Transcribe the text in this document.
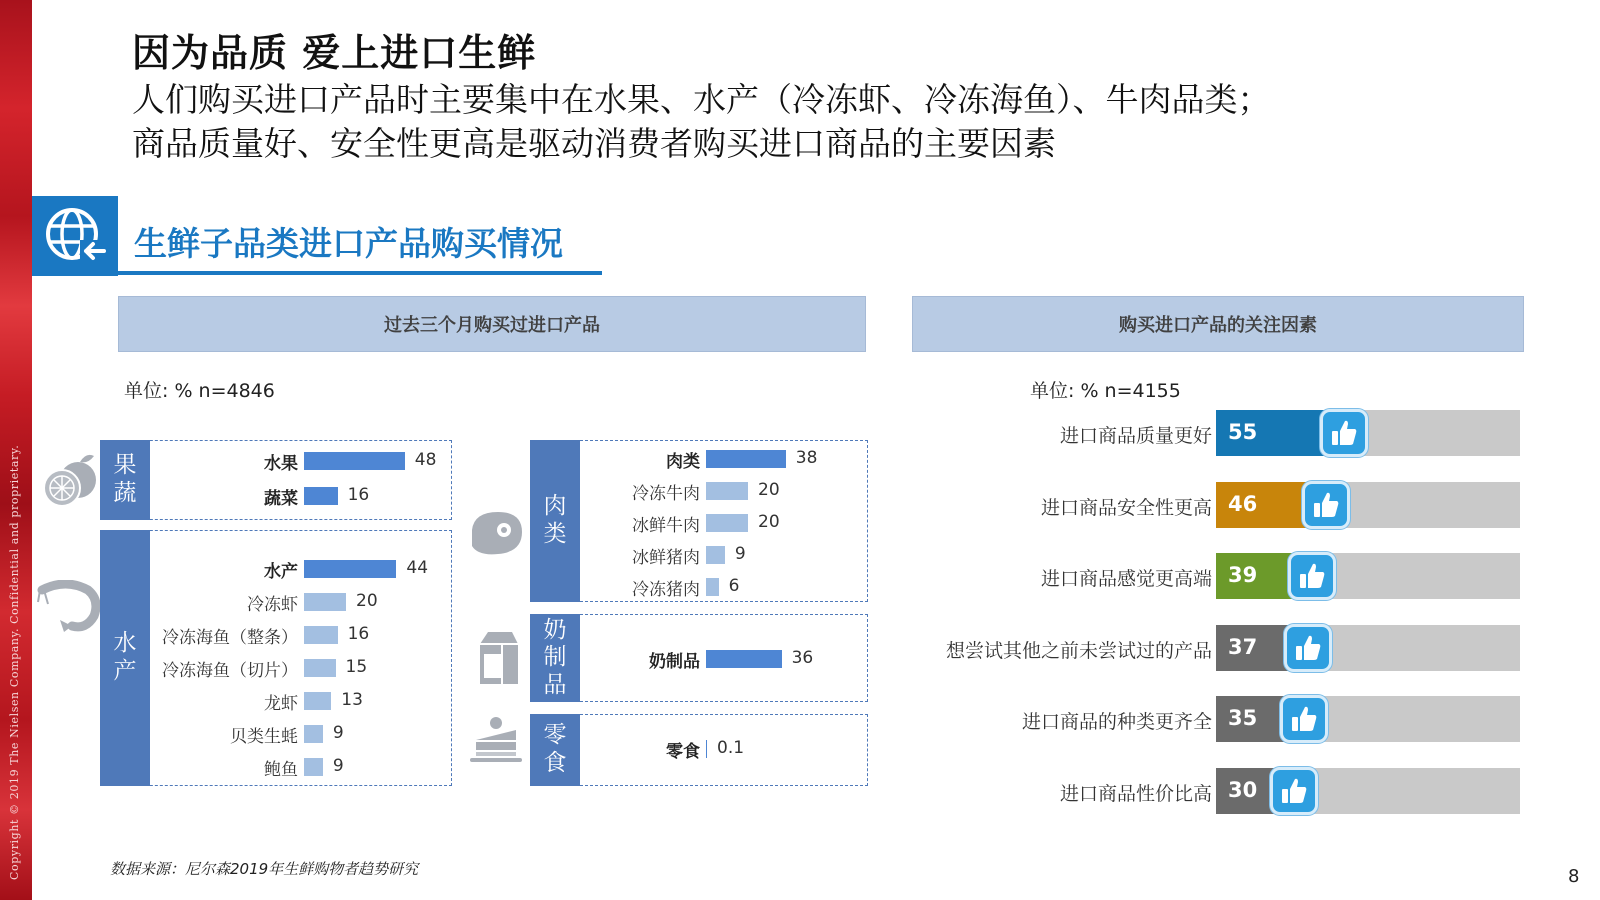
Copyright © 2019 The Nielsen Company. Confidential and proprietary.
因为品质 爱上进口生鲜
人们购买进口产品时主要集中在水果、水产（冷冻虾、冷冻海鱼）、牛肉品类；
商品质量好、安全性更高是驱动消费者购买进口商品的主要因素
生鲜子品类进口产品购买情况
过去三个月购买过进口产品	购买进口产品的关注因素
单位: % n=4846	单位: % n=4155
果
蔬
水
产
肉
类
奶
制
品
零
食
水果	48
蔬菜	16
水产	44
冷冻虾	20
冷冻海鱼（整条）	16
冷冻海鱼（切片）	15
龙虾	13
贝类生蚝 9
鲍鱼 9
肉类	38
冷冻牛肉	20
冰鲜牛肉	20
冰鲜猪肉 9
冷冻猪肉 6
奶制品	36
零食 0.1
进口商品质量更好 55
进口商品安全性更高 46
进口商品感觉更高端 39
想尝试其他之前未尝试过的产品 37
进口商品的种类更齐全 35
进口商品性价比高 30
数据来源：尼尔森2019年生鲜购物者趋势研究	8
